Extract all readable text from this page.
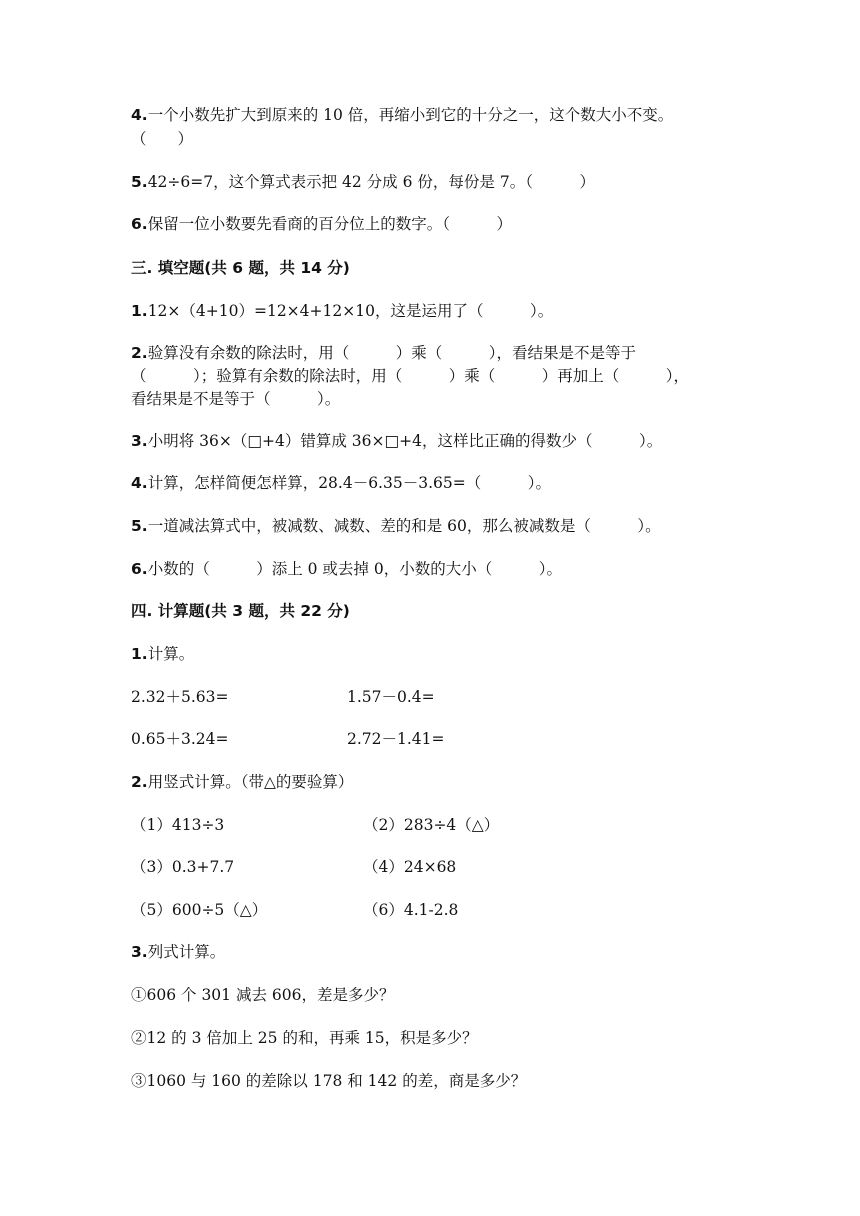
4.一个小数先扩大到原来的 10 倍，再缩小到它的十分之一，这个数大小不变。
（　　）
5.42÷6=7，这个算式表示把 42 分成 6 份，每份是 7。（　　　）
6.保留一位小数要先看商的百分位上的数字。（　　　）
三. 填空题(共 6 题，共 14 分)
1.12×（4+10）=12×4+12×10，这是运用了（　　　）。
2.验算没有余数的除法时，用（　　　）乘（　　　），看结果是不是等于
（　　　）；验算有余数的除法时，用（　　　）乘（　　　）再加上（　　　），
看结果是不是等于（　　　）。
3.小明将 36×（□+4）错算成 36×□+4，这样比正确的得数少（　　　）。
4.计算，怎样简便怎样算，28.4－6.35－3.65=（　　　）。
5.一道减法算式中，被减数、减数、差的和是 60，那么被减数是（　　　）。
6.小数的（　　　）添上 0 或去掉 0，小数的大小（　　　）。
四. 计算题(共 3 题，共 22 分)
1.计算。
2.32＋5.63=	1.57－0.4=
0.65＋3.24=	2.72－1.41=
2.用竖式计算。（带△的要验算）
（1）413÷3	（2）283÷4（△）
（3）0.3+7.7	（4）24×68
（5）600÷5（△）	（6）4.1-2.8
3.列式计算。
①606 个 301 减去 606，差是多少？
②12 的 3 倍加上 25 的和，再乘 15，积是多少？
③1060 与 160 的差除以 178 和 142 的差，商是多少？
